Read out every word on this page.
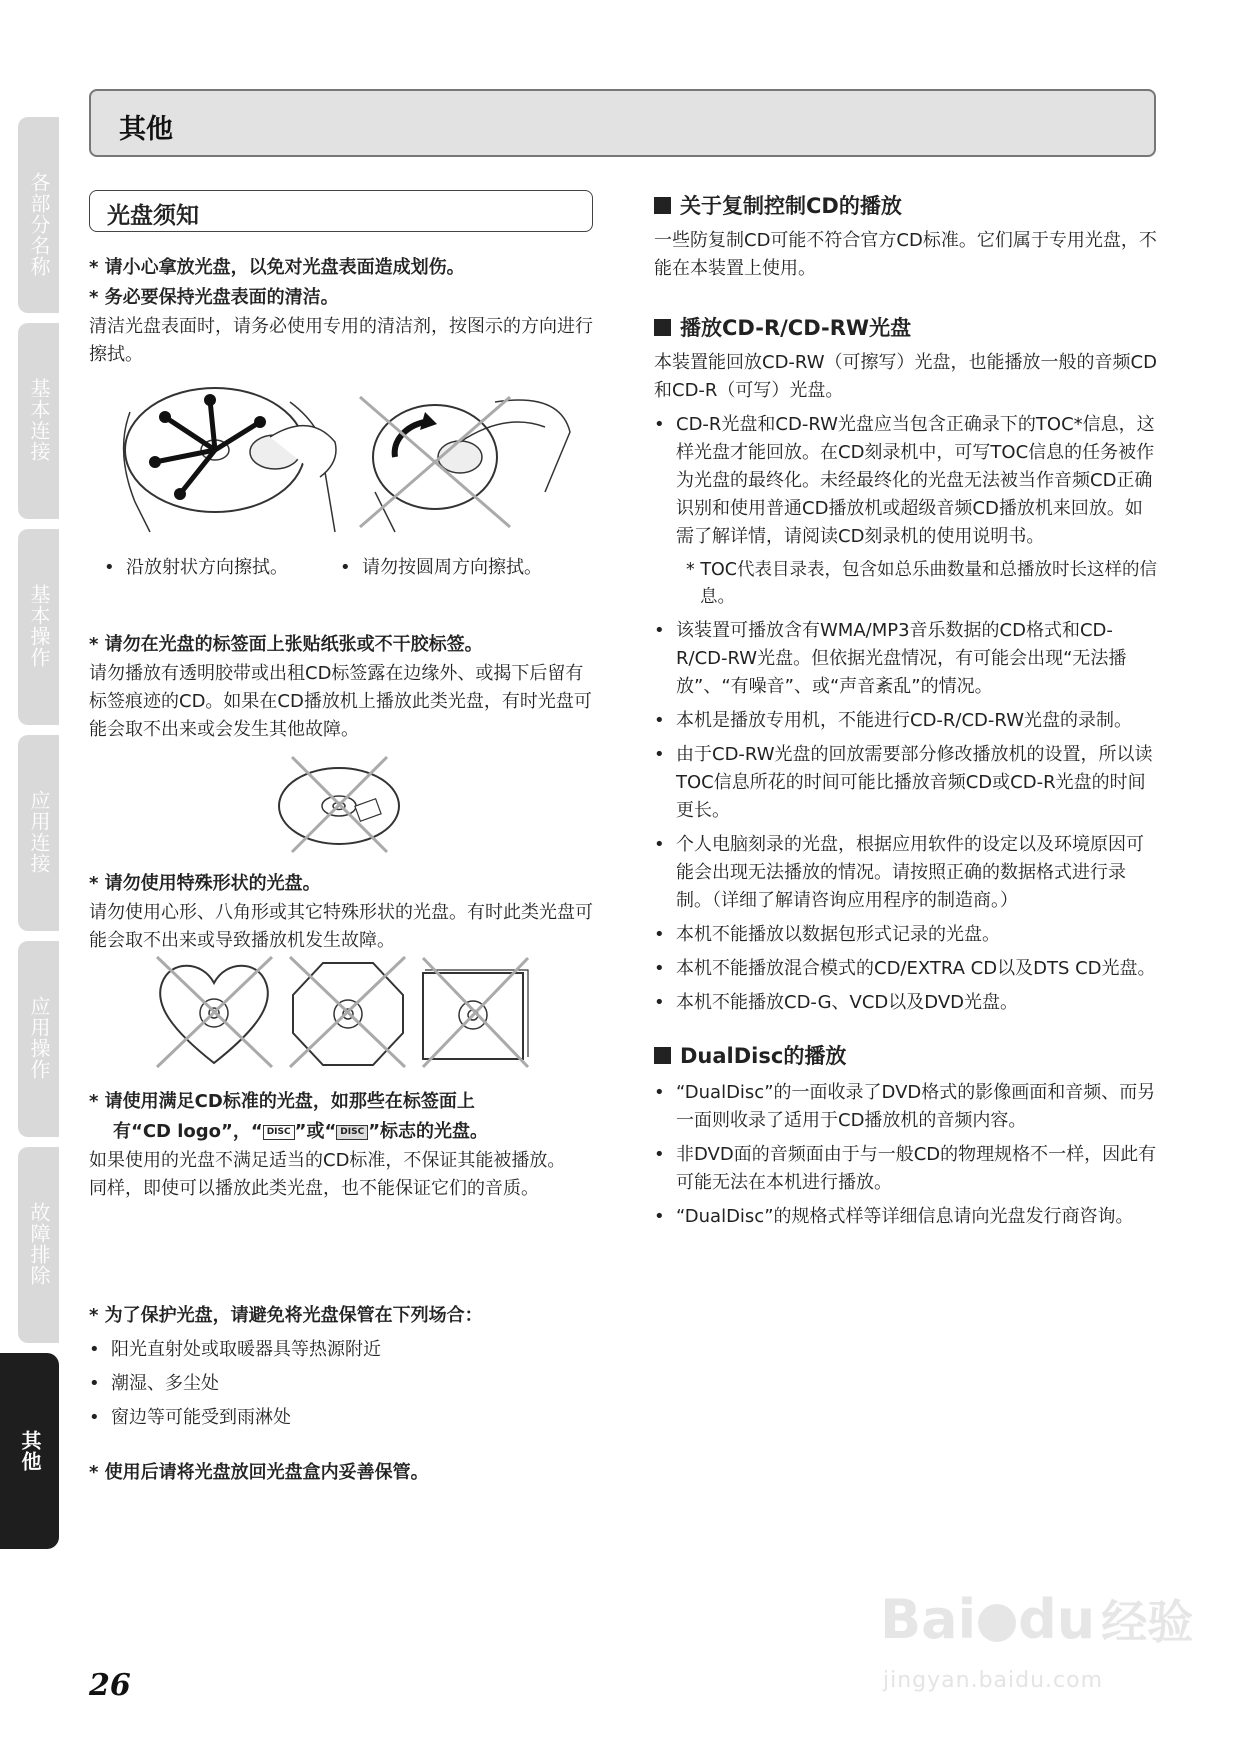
各部分名称
基本连接
基本操作
应用连接
应用操作
故障排除
其他
其他
光盘须知

* 请小心拿放光盘，以免对光盘表面造成划伤。

* 务必要保持光盘表面的清洁。

清洁光盘表面时，请务必使用专用的清洁剂，按图示的方向进行擦拭。

• 沿放射状方向擦拭。	• 请勿按圆周方向擦拭。

* 请勿在光盘的标签面上张贴纸张或不干胶标签。

请勿播放有透明胶带或出租CD标签露在边缘外、或揭下后留有标签痕迹的CD。如果在CD播放机上播放此类光盘，有时光盘可能会取不出来或会发生其他故障。

* 请勿使用特殊形状的光盘。

请勿使用心形、八角形或其它特殊形状的光盘。有时此类光盘可能会取不出来或导致播放机发生故障。

* 请使用满足CD标准的光盘，如那些在标签面上

有“CD logo”，“ DISC ”或“ DISC ”标志的光盘。

如果使用的光盘不满足适当的CD标准，不保证其能被播放。

同样，即使可以播放此类光盘，也不能保证它们的音质。

* 为了保护光盘，请避免将光盘保管在下列场合：

• 阳光直射处或取暖器具等热源附近

• 潮湿、多尘处

• 窗边等可能受到雨淋处

* 使用后请将光盘放回光盘盒内妥善保管。

关于复制控制CD的播放

一些防复制CD可能不符合官方CD标准。它们属于专用光盘，不能在本装置上使用。

播放CD-R/CD-RW光盘

本装置能回放CD-RW（可擦写）光盘，也能播放一般的音频CD和CD-R（可写）光盘。

• CD-R光盘和CD-RW光盘应当包含正确录下的TOC*信息，这样光盘才能回放。在CD刻录机中，可写TOC信息的任务被作为光盘的最终化。未经最终化的光盘无法被当作音频CD正确识别和使用普通CD播放机或超级音频CD播放机来回放。如需了解详情，请阅读CD刻录机的使用说明书。

* TOC代表目录表，包含如总乐曲数量和总播放时长这样的信息。

• 该装置可播放含有WMA/MP3音乐数据的CD格式和CD-R/CD-RW光盘。但依据光盘情况，有可能会出现“无法播放”、“有噪音”、或“声音紊乱”的情况。

• 本机是播放专用机，不能进行CD-R/CD-RW光盘的录制。

• 由于CD-RW光盘的回放需要部分修改播放机的设置，所以读TOC信息所花的时间可能比播放音频CD或CD-R光盘的时间更长。

• 个人电脑刻录的光盘，根据应用软件的设定以及环境原因可能会出现无法播放的情况。请按照正确的数据格式进行录制。（详细了解请咨询应用程序的制造商。）

• 本机不能播放以数据包形式记录的光盘。

• 本机不能播放混合模式的CD/EXTRA CD以及DTS CD光盘。

• 本机不能播放CD-G、VCD以及DVD光盘。

DualDisc的播放

• “DualDisc”的一面收录了DVD格式的影像画面和音频、而另一面则收录了适用于CD播放机的音频内容。

• 非DVD面的音频面由于与一般CD的物理规格不一样，因此有可能无法在本机进行播放。

• “DualDisc”的规格式样等详细信息请向光盘发行商咨询。

26
Bai du 经验
jingyan.baidu.com
